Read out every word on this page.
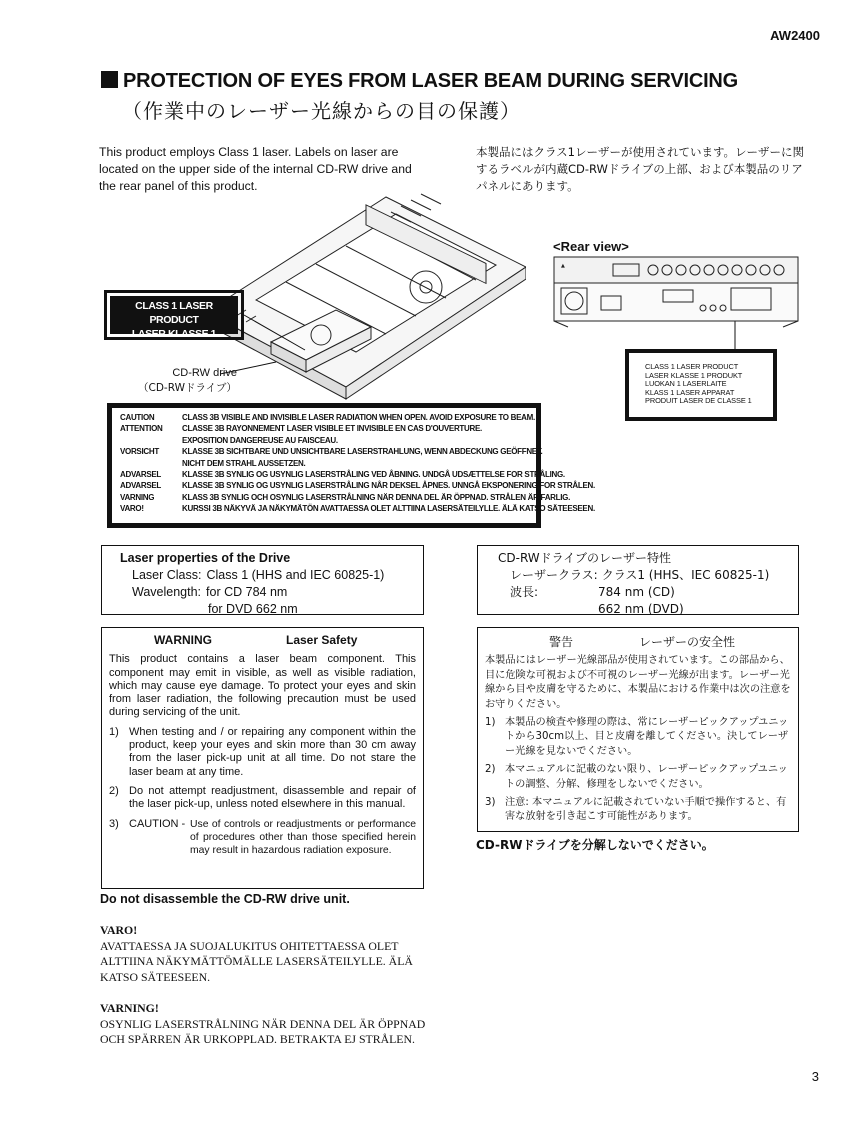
AW2400
PROTECTION OF EYES FROM LASER BEAM DURING SERVICING
（作業中のレーザー光線からの目の保護）
This product employs Class 1 laser. Labels on laser are located on the upper side of the internal CD-RW drive and the rear panel of this product.
本製品にはクラス1レーザーが使用されています。レーザーに関するラベルが内蔵CD-RWドライブの上部、および本製品のリアパネルにあります。
CLASS 1 LASER PRODUCT
LASER KLASSE 1
CD-RW drive
（CD-RWドライブ）
CAUTION	CLASS 3B VISIBLE AND INVISIBLE LASER RADIATION WHEN OPEN. AVOID EXPOSURE TO BEAM.
ATTENTION	CLASSE 3B RAYONNEMENT LASER VISIBLE ET INVISIBLE EN CAS D'OUVERTURE.
EXPOSITION DANGEREUSE AU FAISCEAU.
VORSICHT	KLASSE 3B SICHTBARE UND UNSICHTBARE LASERSTRAHLUNG, WENN ABDECKUNG GEÖFFNET.
NICHT DEM STRAHL AUSSETZEN.
ADVARSEL	KLASSE 3B SYNLIG OG USYNLIG LASERSTRÅLING VED ÅBNING. UNDGÅ UDSÆTTELSE FOR STRÅLING.
ADVARSEL	KLASSE 3B SYNLIG OG USYNLIG LASERSTRÅLING NÅR DEKSEL ÅPNES. UNNGÅ EKSPONERING FOR STRÅLEN.
VARNING	KLASS 3B SYNLIG OCH OSYNLIG LASERSTRÅLNING NÄR DENNA DEL ÄR ÖPPNAD. STRÅLEN ÄR FARLIG.
VARO!	KURSSI 3B NÄKYVÄ JA NÄKYMÄTÖN AVATTAESSA OLET ALTTIINA LASERSÄTEILYLLE. ÄLÄ KATSO SÄTEESEEN.
<Rear view>
▲
CLASS 1 LASER PRODUCT
LASER KLASSE 1 PRODUKT
LUOKAN 1 LASERLAITE
KLASS 1 LASER APPARAT
PRODUIT LASER DE CLASSE 1
Laser properties of the Drive
Laser Class: Class 1 (HHS and IEC 60825-1)
Wavelength: for CD 784 nm
for DVD 662 nm
CD-RWドライブのレーザー特性
レーザークラス: クラス1 (HHS、IEC 60825-1)
波長:	784 nm (CD)
662 nm (DVD)
WARNING	Laser Safety

This product contains a laser beam component. This component may emit in visible, as well as visible radiation, which may cause eye damage. To protect your eyes and skin from laser radiation, the following precaution must be used during servicing of the unit.

1) When testing and / or repairing any component within the product, keep your eyes and skin more than 30 cm away from the laser pick-up unit at all time. Do not stare the laser beam at any time.
2) Do not attempt readjustment, disassemble and repair of the laser pick-up, unless noted elsewhere in this manual.
3) CAUTION - Use of controls or readjustments or performance of procedures other than those specified herein may result in hazardous radiation exposure.
警告	レーザーの安全性

本製品にはレーザー光線部品が使用されています。この部品から、目に危険な可視および不可視のレーザー光線が出ます。レーザー光線から目や皮膚を守るために、本製品における作業中は次の注意をお守りください。

1) 本製品の検査や修理の際は、常にレーザーピックアップユニットから30cm以上、目と皮膚を離してください。決してレーザー光線を見ないでください。
2) 本マニュアルに記載のない限り、レーザーピックアップユニットの調整、分解、修理をしないでください。
3) 注意: 本マニュアルに記載されていない手順で操作すると、有害な放射を引き起こす可能性があります。
CD-RWドライブを分解しないでください。
Do not disassemble the CD-RW drive unit.
VARO!
AVATTAESSA JA SUOJALUKITUS OHITETTAESSA OLET ALTTIINA NÄKYMÄTTÖMÄLLE LASERSÄTEILYLLE. ÄLÄ KATSO SÄTEESEEN.
VARNING!
OSYNLIG LASERSTRÅLNING NÄR DENNA DEL ÄR ÖPPNAD OCH SPÄRREN ÄR URKOPPLAD. BETRAKTA EJ STRÅLEN.
3
